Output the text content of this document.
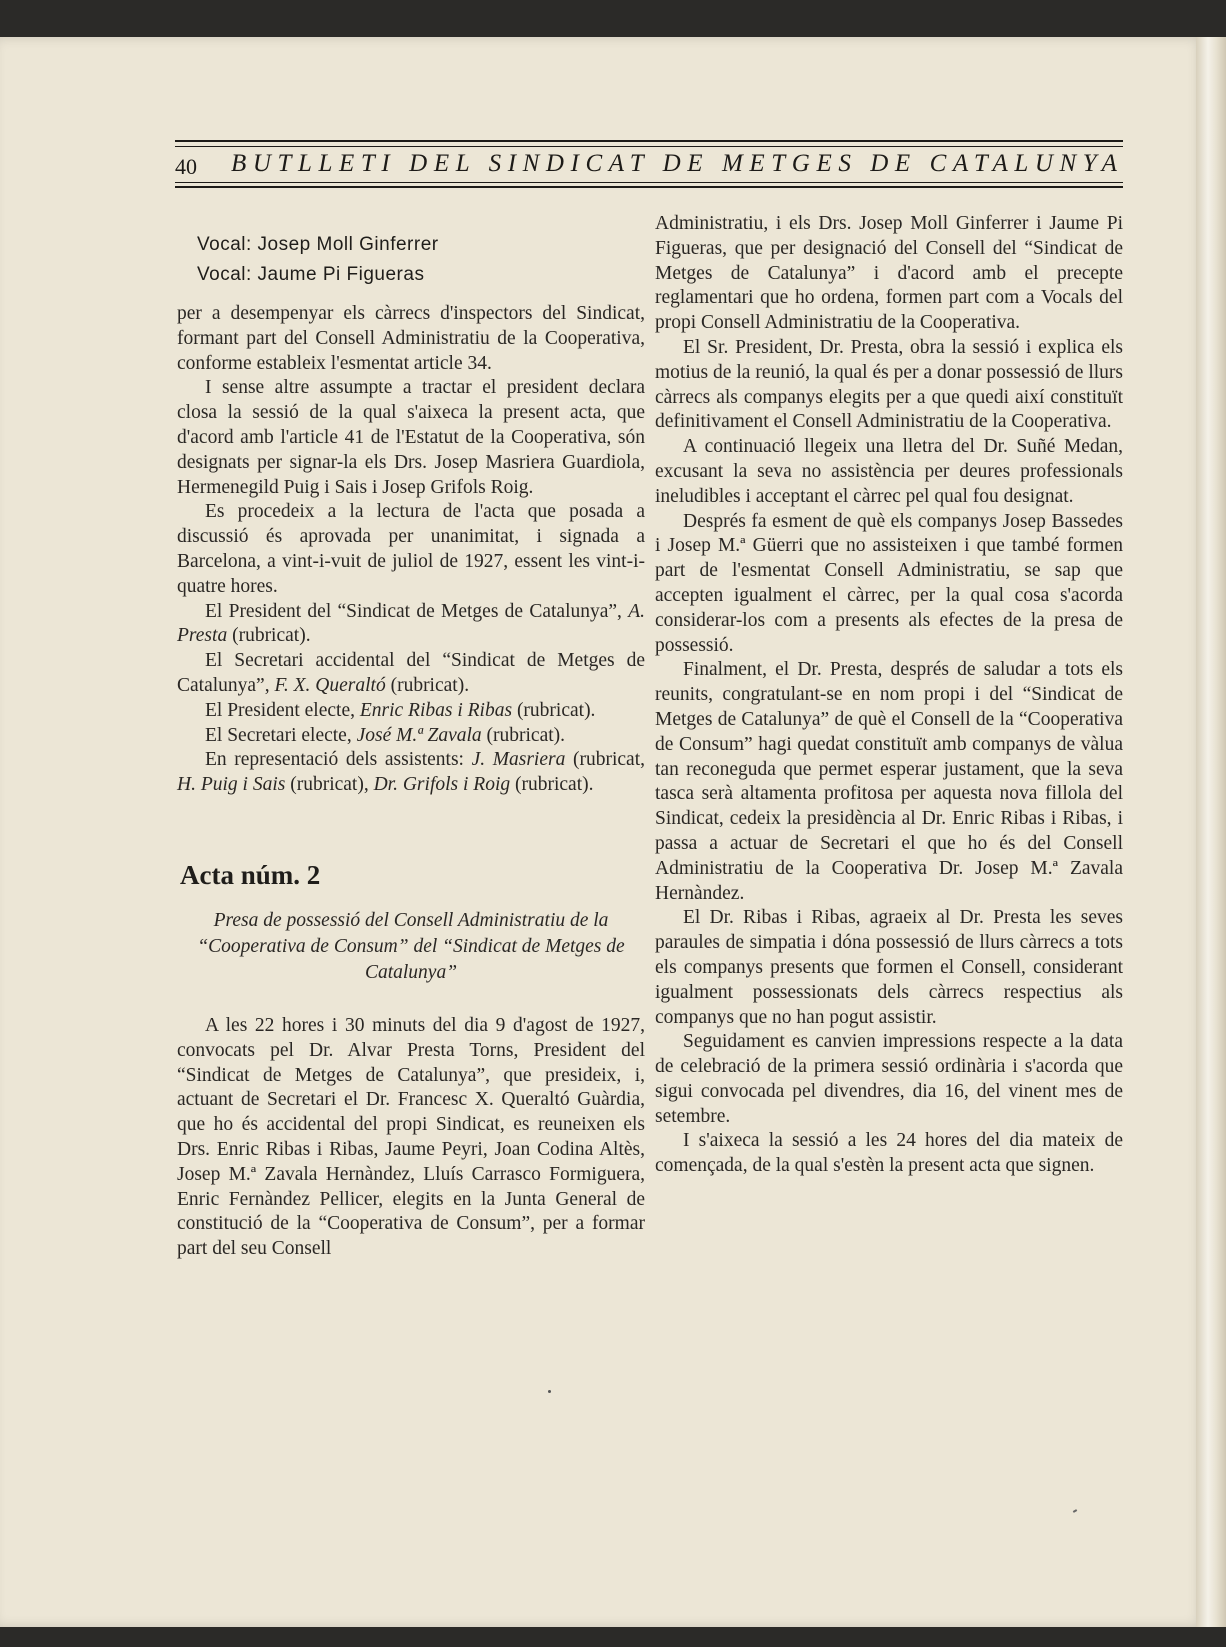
40 BUTLLETI DEL SINDICAT DE METGES DE CATALUNYA
Vocal: Josep Moll Ginferrer
Vocal: Jaume Pi Figueras

per a desempenyar els càrrecs d'inspectors del Sindicat, formant part del Consell Administratiu de la Cooperativa, conforme estableix l'esmentat article 34.

I sense altre assumpte a tractar el president declara closa la sessió de la qual s'aixeca la present acta, que d'acord amb l'article 41 de l'Estatut de la Cooperativa, són designats per signar-la els Drs. Josep Masriera Guardiola, Hermenegild Puig i Sais i Josep Grifols Roig.

Es procedeix a la lectura de l'acta que posada a discussió és aprovada per unanimitat, i signada a Barcelona, a vint-i-vuit de juliol de 1927, essent les vint-i-quatre hores.

El President del “Sindicat de Metges de Catalunya”, A. Presta (rubricat).

El Secretari accidental del “Sindicat de Metges de Catalunya”, F. X. Queraltó (rubricat).

El President electe, Enric Ribas i Ribas (rubricat).

El Secretari electe, José M.ª Zavala (rubricat).

En representació dels assistents: J. Masriera (rubricat, H. Puig i Sais (rubricat), Dr. Grifols i Roig (rubricat).

Acta núm. 2
Presa de possessió del Consell Administratiu de la “Cooperativa de Consum” del “Sindicat de Metges de Catalunya”

A les 22 hores i 30 minuts del dia 9 d'agost de 1927, convocats pel Dr. Alvar Presta Torns, President del “Sindicat de Metges de Catalunya”, que presideix, i, actuant de Secretari el Dr. Francesc X. Queraltó Guàrdia, que ho és accidental del propi Sindicat, es reuneixen els Drs. Enric Ribas i Ribas, Jaume Peyri, Joan Codina Altès, Josep M.ª Zavala Hernàndez, Lluís Carrasco Formiguera, Enric Fernàndez Pellicer, elegits en la Junta General de constitució de la “Cooperativa de Consum”, per a formar part del seu Consell

Administratiu, i els Drs. Josep Moll Ginferrer i Jaume Pi Figueras, que per designació del Consell del “Sindicat de Metges de Catalunya” i d'acord amb el precepte reglamentari que ho ordena, formen part com a Vocals del propi Consell Administratiu de la Cooperativa.

El Sr. President, Dr. Presta, obra la sessió i explica els motius de la reunió, la qual és per a donar possessió de llurs càrrecs als companys elegits per a que quedi així constituït definitivament el Consell Administratiu de la Cooperativa.

A continuació llegeix una lletra del Dr. Suñé Medan, excusant la seva no assistència per deures professionals ineludibles i acceptant el càrrec pel qual fou designat.

Després fa esment de què els companys Josep Bassedes i Josep M.ª Güerri que no assisteixen i que també formen part de l'esmentat Consell Administratiu, se sap que accepten igualment el càrrec, per la qual cosa s'acorda considerar-los com a presents als efectes de la presa de possessió.

Finalment, el Dr. Presta, després de saludar a tots els reunits, congratulant-se en nom propi i del “Sindicat de Metges de Catalunya” de què el Consell de la “Cooperativa de Consum” hagi quedat constituït amb companys de vàlua tan reconeguda que permet esperar justament, que la seva tasca serà altamenta profitosa per aquesta nova fillola del Sindicat, cedeix la presidència al Dr. Enric Ribas i Ribas, i passa a actuar de Secretari el que ho és del Consell Administratiu de la Cooperativa Dr. Josep M.ª Zavala Hernàndez.

El Dr. Ribas i Ribas, agraeix al Dr. Presta les seves paraules de simpatia i dóna possessió de llurs càrrecs a tots els companys presents que formen el Consell, considerant igualment possessionats dels càrrecs respectius als companys que no han pogut assistir.

Seguidament es canvien impressions respecte a la data de celebració de la primera sessió ordinària i s'acorda que sigui convocada pel divendres, dia 16, del vinent mes de setembre.

I s'aixeca la sessió a les 24 hores del dia mateix de començada, de la qual s'estèn la present acta que signen.
